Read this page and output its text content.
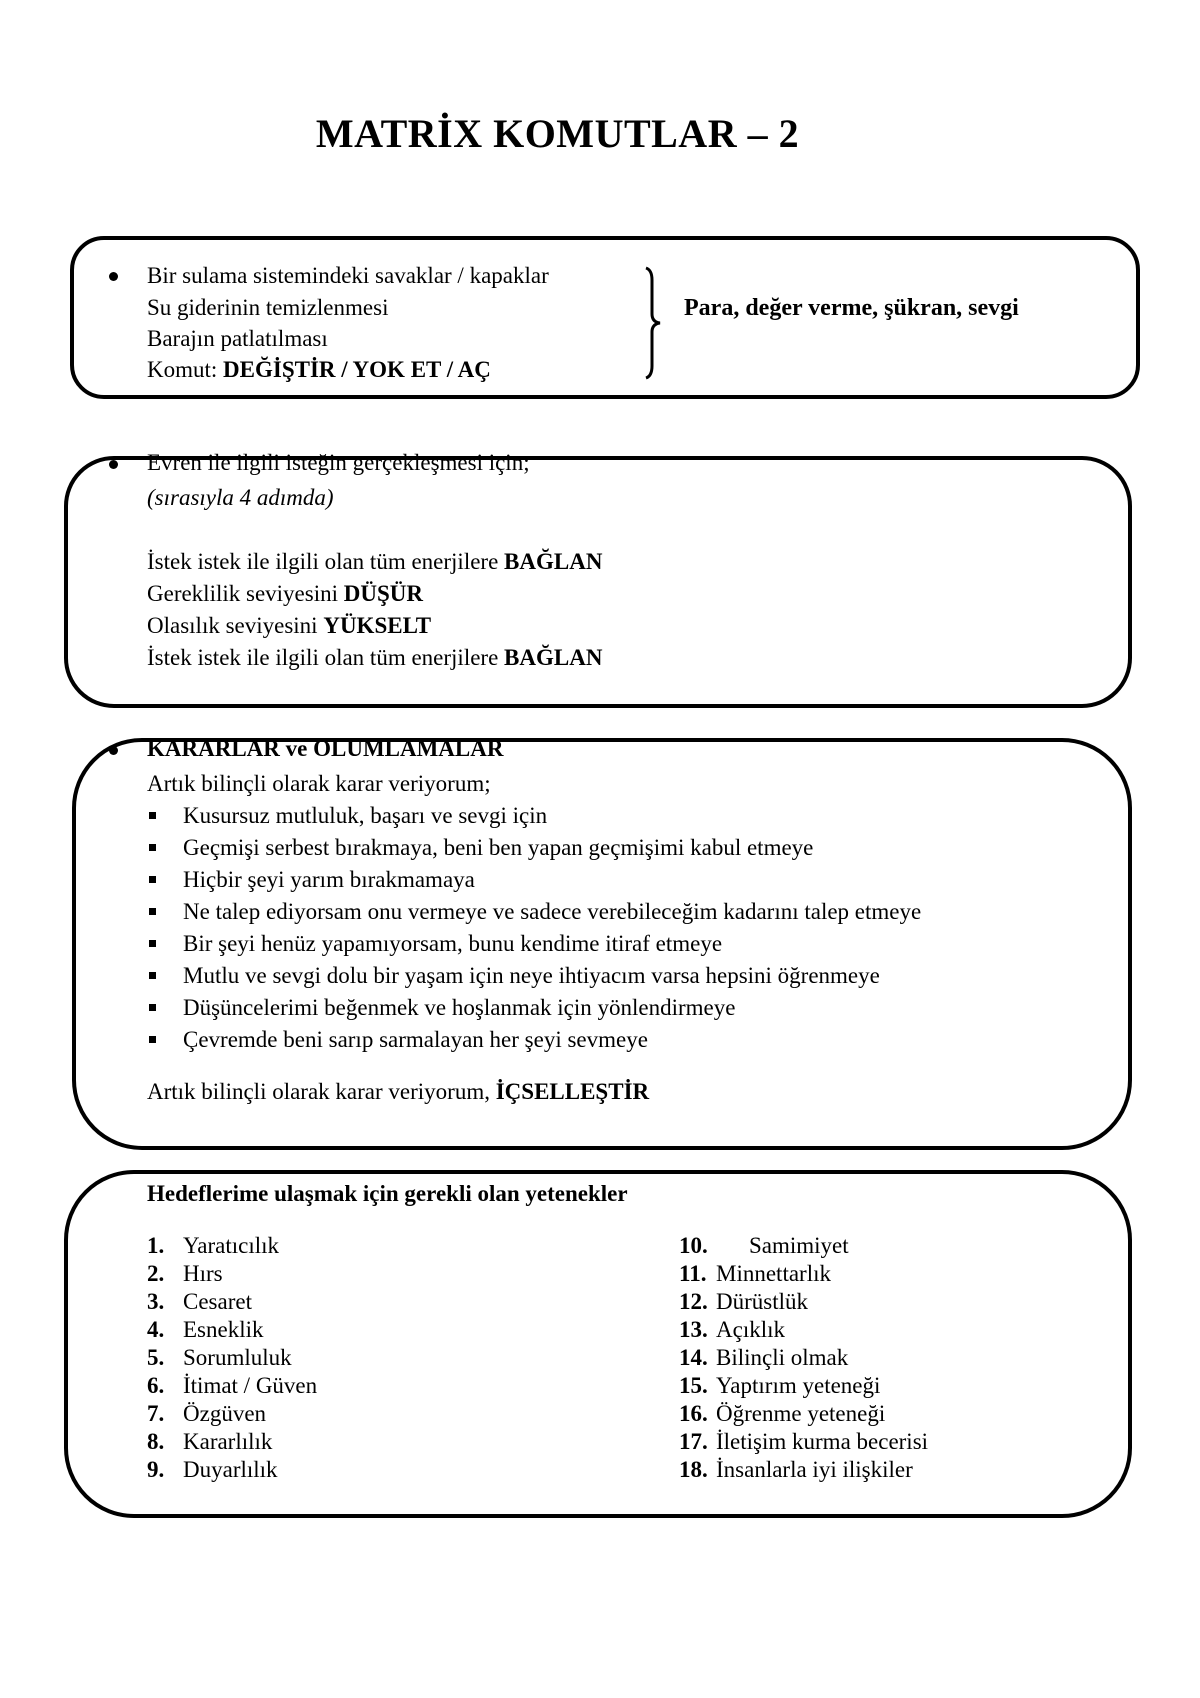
MATRİX KOMUTLAR – 2
Bir sulama sistemindeki savaklar / kapaklar
Su giderinin temizlenmesi
Barajın patlatılması
Komut: DEĞİŞTİR / YOK ET / AÇ
Para, değer verme, şükran, sevgi
Evren ile ilgili isteğin gerçekleşmesi için;
(sırasıyla 4 adımda)
İstek istek ile ilgili olan tüm enerjilere BAĞLAN
Gereklilik seviyesini DÜŞÜR
Olasılık seviyesini YÜKSELT
İstek istek ile ilgili olan tüm enerjilere BAĞLAN
KARARLAR ve OLUMLAMALAR
Artık bilinçli olarak karar veriyorum;
Kusursuz mutluluk, başarı ve sevgi için
Geçmişi serbest bırakmaya, beni ben yapan geçmişimi kabul etmeye
Hiçbir şeyi yarım bırakmamaya
Ne talep ediyorsam onu vermeye ve sadece verebileceğim kadarını talep etmeye
Bir şeyi henüz yapamıyorsam, bunu kendime itiraf etmeye
Mutlu ve sevgi dolu bir yaşam için neye ihtiyacım varsa hepsini öğrenmeye
Düşüncelerimi beğenmek ve hoşlanmak için yönlendirmeye
Çevremde beni sarıp sarmalayan her şeyi sevmeye
Artık bilinçli olarak karar veriyorum, İÇSELLEŞTİR
Hedeflerime ulaşmak için gerekli olan yetenekler
1. Yaratıcılık
2. Hırs
3. Cesaret
4. Esneklik
5. Sorumluluk
6. İtimat / Güven
7. Özgüven
8. Kararlılık
9. Duyarlılık
10. Samimiyet
11. Minnettarlık
12. Dürüstlük
13. Açıklık
14. Bilinçli olmak
15. Yaptırım yeteneği
16. Öğrenme yeteneği
17. İletişim kurma becerisi
18. İnsanlarla iyi ilişkiler
